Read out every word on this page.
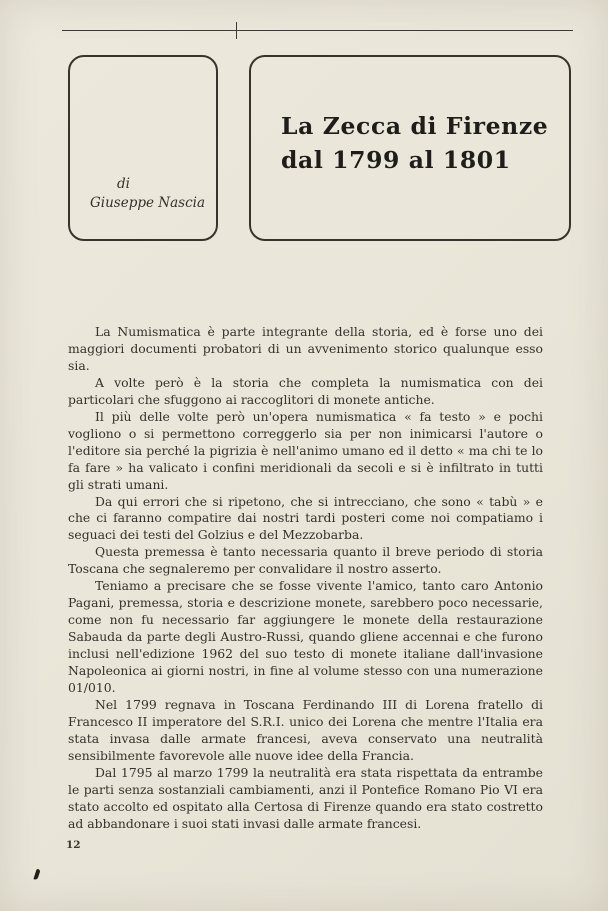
di
Giuseppe Nascia
La Zecca di Firenze
dal 1799 al 1801

La Numismatica è parte integrante della storia, ed è forse uno dei maggiori documenti probatori di un avvenimento storico qualunque esso sia.

A volte però è la storia che completa la numismatica con dei particolari che sfuggono ai raccoglitori di monete antiche.

Il più delle volte però un'opera numismatica « fa testo » e pochi vogliono o si permettono correggerlo sia per non inimicarsi l'autore o l'editore sia perché la pigrizia è nell'animo umano ed il detto « ma chi te lo fa fare » ha valicato i confini meridionali da secoli e si è infiltrato in tutti gli strati umani.

Da qui errori che si ripetono, che si intrecciano, che sono « tabù » e che ci faranno compatire dai nostri tardi posteri come noi compatiamo i seguaci dei testi del Golzius e del Mezzobarba.

Questa premessa è tanto necessaria quanto il breve periodo di storia Toscana che segnaleremo per convalidare il nostro asserto.

Teniamo a precisare che se fosse vivente l'amico, tanto caro Antonio Pagani, premessa, storia e descrizione monete, sarebbero poco necessarie, come non fu necessario far aggiungere le monete della restaurazione Sabauda da parte degli Austro-Russi, quando gliene accennai e che furono inclusi nell'edizione 1962 del suo testo di monete italiane dall'invasione Napoleonica ai giorni nostri, in fine al volume stesso con una numerazione 01/010.

Nel 1799 regnava in Toscana Ferdinando III di Lorena fratello di Francesco II imperatore del S.R.I. unico dei Lorena che mentre l'Italia era stata invasa dalle armate francesi, aveva conservato una neutralità sensibilmente favorevole alle nuove idee della Francia.

Dal 1795 al marzo 1799 la neutralità era stata rispettata da entrambe le parti senza sostanziali cambiamenti, anzi il Pontefice Romano Pio VI era stato accolto ed ospitato alla Certosa di Firenze quando era stato costretto ad abbandonare i suoi stati invasi dalle armate francesi.

12
